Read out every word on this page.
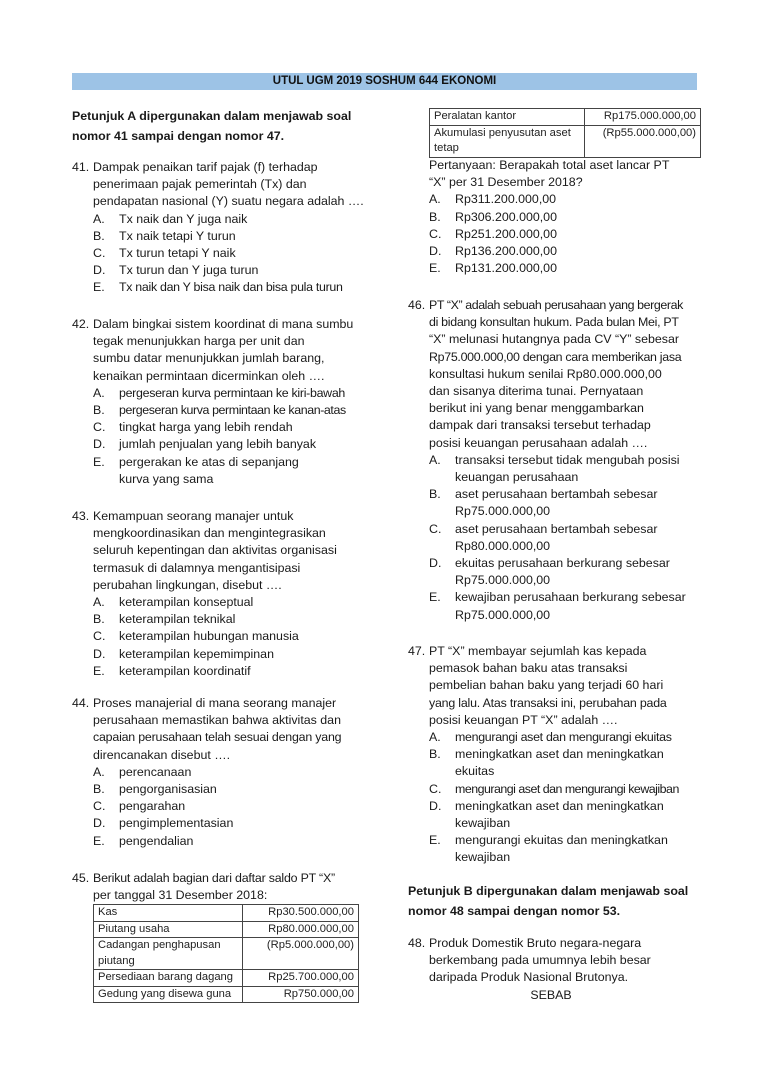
UTUL UGM 2019 SOSHUM 644 EKONOMI
Petunjuk A dipergunakan dalam menjawab soal
nomor 41 sampai dengan nomor 47.
41. Dampak penaikan tarif pajak (f) terhadap
penerimaan pajak pemerintah (Tx) dan
pendapatan nasional (Y) suatu negara adalah ….
A.	Tx naik dan Y juga naik
B.	Tx naik tetapi Y turun
C.	Tx turun tetapi Y naik
D.	Tx turun dan Y juga turun
E.	Tx naik dan Y bisa naik dan bisa pula turun
42. Dalam bingkai sistem koordinat di mana sumbu
tegak menunjukkan harga per unit dan
sumbu datar menunjukkan jumlah barang,
kenaikan permintaan dicerminkan oleh ….
A.	pergeseran kurva permintaan ke kiri-bawah
B.	pergeseran kurva permintaan ke kanan-atas
C.	tingkat harga yang lebih rendah
D.	jumlah penjualan yang lebih banyak
E.	pergerakan ke atas di sepanjang kurva yang sama
43. Kemampuan seorang manajer untuk
mengkoordinasikan dan mengintegrasikan
seluruh kepentingan dan aktivitas organisasi
termasuk di dalamnya mengantisipasi
perubahan lingkungan, disebut ….
A.	keterampilan konseptual
B.	keterampilan teknikal
C.	keterampilan hubungan manusia
D.	keterampilan kepemimpinan
E.	keterampilan koordinatif
44. Proses manajerial di mana seorang manajer
perusahaan memastikan bahwa aktivitas dan
capaian perusahaan telah sesuai dengan yang
direncanakan disebut ….
A.	perencanaan
B.	pengorganisasian
C.	pengarahan
D.	pengimplementasian
E.	pengendalian
45. Berikut adalah bagian dari daftar saldo PT “X”
per tanggal 31 Desember 2018:
Kas	Rp30.500.000,00
Piutang usaha	Rp80.000.000,00
Cadangan penghapusan piutang	(Rp5.000.000,00)
Persediaan barang dagang	Rp25.700.000,00
Gedung yang disewa guna	Rp750.000,00
Peralatan kantor	Rp175.000.000,00
Akumulasi penyusutan aset tetap	(Rp55.000.000,00)
Pertanyaan: Berapakah total aset lancar PT
“X” per 31 Desember 2018?
A.	Rp311.200.000,00
B.	Rp306.200.000,00
C.	Rp251.200.000,00
D.	Rp136.200.000,00
E.	Rp131.200.000,00
46. PT “X” adalah sebuah perusahaan yang bergerak
di bidang konsultan hukum. Pada bulan Mei, PT
“X” melunasi hutangnya pada CV “Y” sebesar
Rp75.000.000,00 dengan cara memberikan jasa
konsultasi hukum senilai Rp80.000.000,00
dan sisanya diterima tunai. Pernyataan
berikut ini yang benar menggambarkan
dampak dari transaksi tersebut terhadap
posisi keuangan perusahaan adalah ….
A.	transaksi tersebut tidak mengubah posisi keuangan perusahaan
B.	aset perusahaan bertambah sebesar Rp75.000.000,00
C.	aset perusahaan bertambah sebesar Rp80.000.000,00
D.	ekuitas perusahaan berkurang sebesar Rp75.000.000,00
E.	kewajiban perusahaan berkurang sebesar Rp75.000.000,00
47. PT “X” membayar sejumlah kas kepada
pemasok bahan baku atas transaksi
pembelian bahan baku yang terjadi 60 hari
yang lalu. Atas transaksi ini, perubahan pada
posisi keuangan PT “X” adalah ….
A.	mengurangi aset dan mengurangi ekuitas
B.	meningkatkan aset dan meningkatkan ekuitas
C.	mengurangi aset dan mengurangi kewajiban
D.	meningkatkan aset dan meningkatkan kewajiban
E.	mengurangi ekuitas dan meningkatkan kewajiban
Petunjuk B dipergunakan dalam menjawab soal
nomor 48 sampai dengan nomor 53.
48. Produk Domestik Bruto negara-negara
berkembang pada umumnya lebih besar
daripada Produk Nasional Brutonya.
SEBAB
